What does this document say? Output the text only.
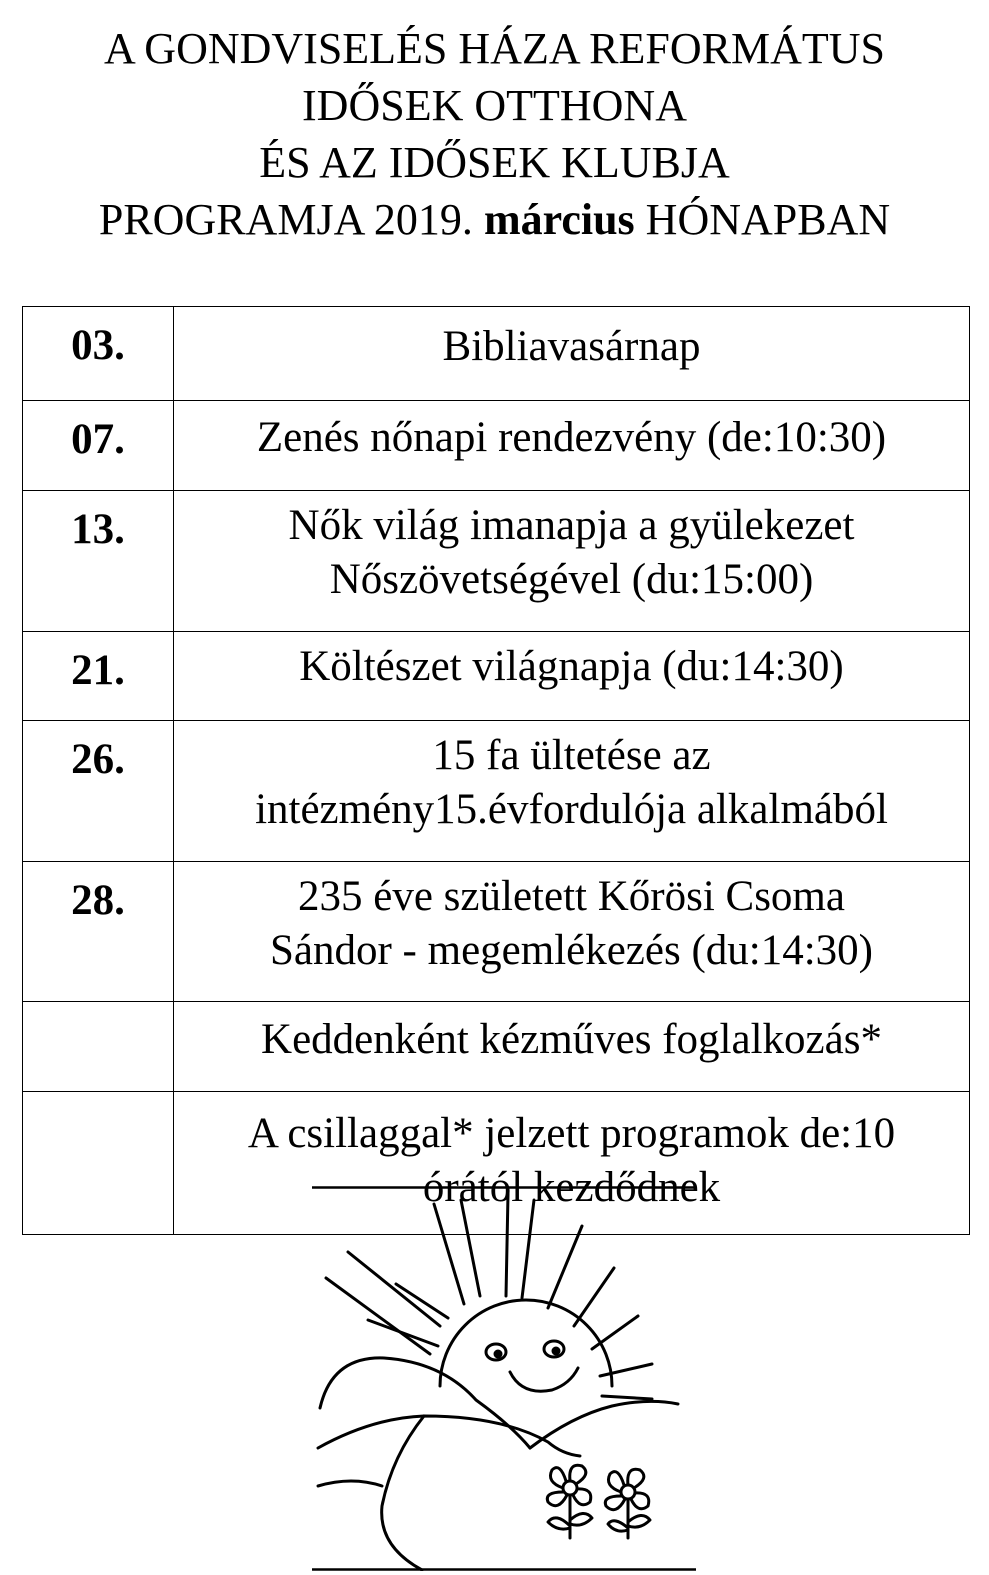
A GONDVISELÉS HÁZA REFORMÁTUS
IDŐSEK OTTHONA
ÉS AZ IDŐSEK KLUBJA
PROGRAMJA 2019. március HÓNAPBAN
03.	Bibliavasárnap

07.	Zenés nőnapi rendezvény (de:10:30)

13.	Nők világ imanapja a gyülekezet
Nőszövetségével (du:15:00)

21.	Költészet világnapja (du:14:30)

26.	15 fa ültetése az
intézmény15.évfordulója alkalmából

28.	235 éve született Kőrösi Csoma
Sándor - megemlékezés (du:14:30)

	Keddenként kézműves foglalkozás*

	A csillaggal* jelzett programok de:10
órától kezdődnek
